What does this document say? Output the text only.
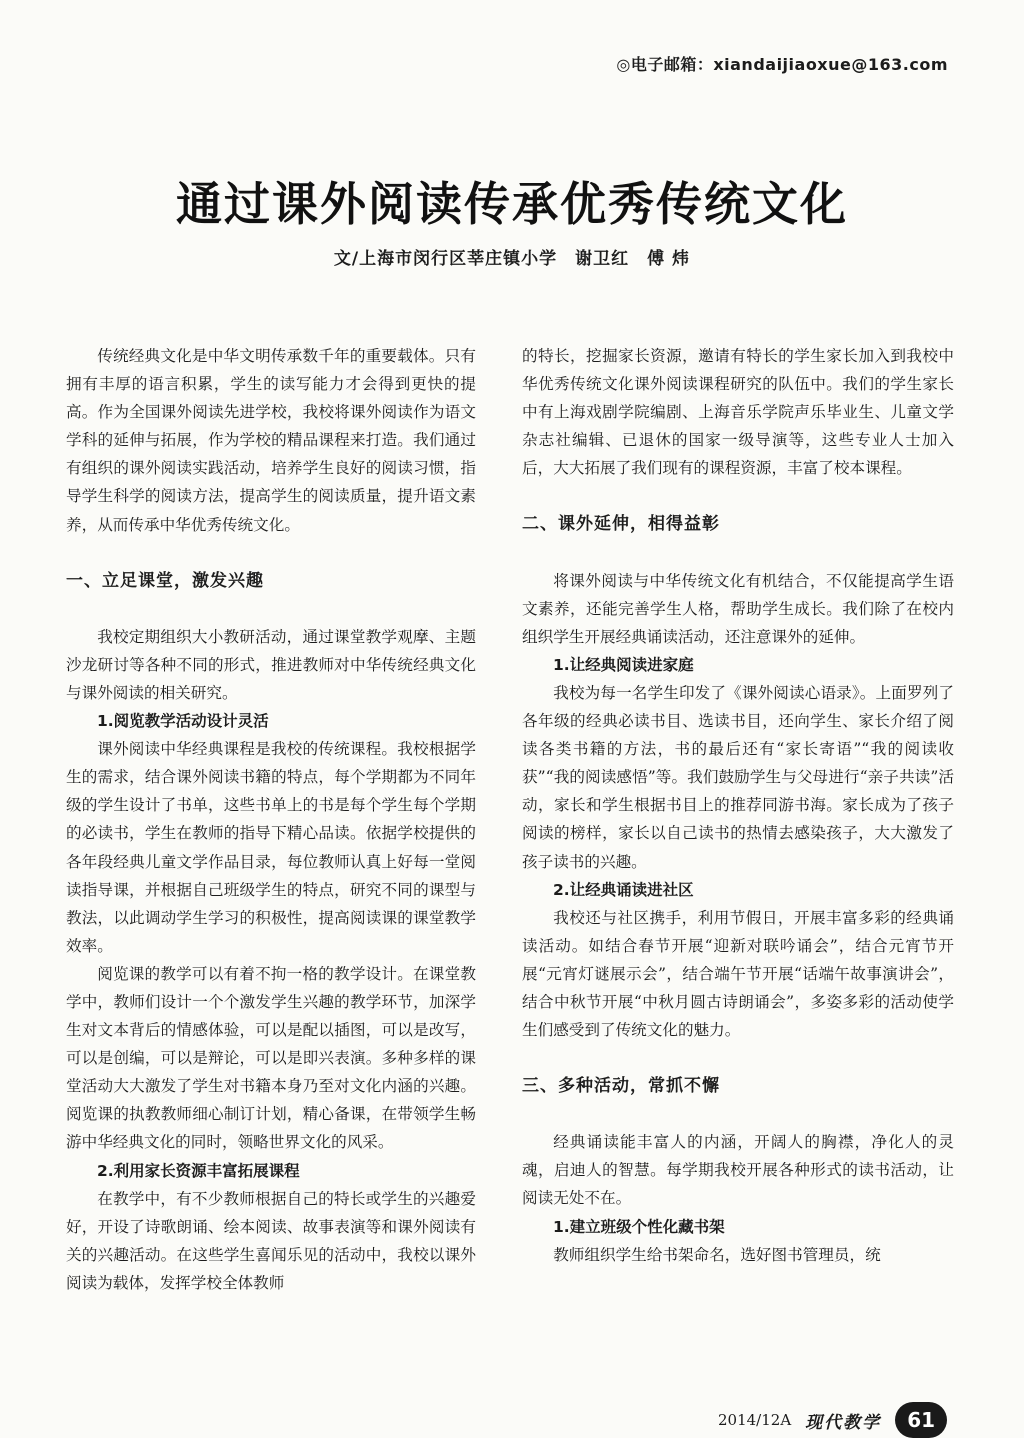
◎电子邮箱：xiandaijiaoxue@163.com
通过课外阅读传承优秀传统文化
文/上海市闵行区莘庄镇小学　谢卫红　傅 炜

传统经典文化是中华文明传承数千年的重要载体。只有拥有丰厚的语言积累，学生的读写能力才会得到更快的提高。作为全国课外阅读先进学校，我校将课外阅读作为语文学科的延伸与拓展，作为学校的精品课程来打造。我们通过有组织的课外阅读实践活动，培养学生良好的阅读习惯，指导学生科学的阅读方法，提高学生的阅读质量，提升语文素养，从而传承中华优秀传统文化。

一、立足课堂，激发兴趣

我校定期组织大小教研活动，通过课堂教学观摩、主题沙龙研讨等各种不同的形式，推进教师对中华传统经典文化与课外阅读的相关研究。

1.阅览教学活动设计灵活

课外阅读中华经典课程是我校的传统课程。我校根据学生的需求，结合课外阅读书籍的特点，每个学期都为不同年级的学生设计了书单，这些书单上的书是每个学生每个学期的必读书，学生在教师的指导下精心品读。依据学校提供的各年段经典儿童文学作品目录，每位教师认真上好每一堂阅读指导课，并根据自己班级学生的特点，研究不同的课型与教法，以此调动学生学习的积极性，提高阅读课的课堂教学效率。

阅览课的教学可以有着不拘一格的教学设计。在课堂教学中，教师们设计一个个激发学生兴趣的教学环节，加深学生对文本背后的情感体验，可以是配以插图，可以是改写，可以是创编，可以是辩论，可以是即兴表演。多种多样的课堂活动大大激发了学生对书籍本身乃至对文化内涵的兴趣。阅览课的执教教师细心制订计划，精心备课，在带领学生畅游中华经典文化的同时，领略世界文化的风采。

2.利用家长资源丰富拓展课程

在教学中，有不少教师根据自己的特长或学生的兴趣爱好，开设了诗歌朗诵、绘本阅读、故事表演等和课外阅读有关的兴趣活动。在这些学生喜闻乐见的活动中，我校以课外阅读为载体，发挥学校全体教师

的特长，挖掘家长资源，邀请有特长的学生家长加入到我校中华优秀传统文化课外阅读课程研究的队伍中。我们的学生家长中有上海戏剧学院编剧、上海音乐学院声乐毕业生、儿童文学杂志社编辑、已退休的国家一级导演等，这些专业人士加入后，大大拓展了我们现有的课程资源，丰富了校本课程。

二、课外延伸，相得益彰

将课外阅读与中华传统文化有机结合，不仅能提高学生语文素养，还能完善学生人格，帮助学生成长。我们除了在校内组织学生开展经典诵读活动，还注意课外的延伸。

1.让经典阅读进家庭

我校为每一名学生印发了《课外阅读心语录》。上面罗列了各年级的经典必读书目、选读书目，还向学生、家长介绍了阅读各类书籍的方法，书的最后还有“家长寄语”“我的阅读收获”“我的阅读感悟”等。我们鼓励学生与父母进行“亲子共读”活动，家长和学生根据书目上的推荐同游书海。家长成为了孩子阅读的榜样，家长以自己读书的热情去感染孩子，大大激发了孩子读书的兴趣。

2.让经典诵读进社区

我校还与社区携手，利用节假日，开展丰富多彩的经典诵读活动。如结合春节开展“迎新对联吟诵会”，结合元宵节开展“元宵灯谜展示会”，结合端午节开展“话端午故事演讲会”，结合中秋节开展“中秋月圆古诗朗诵会”，多姿多彩的活动使学生们感受到了传统文化的魅力。

三、多种活动，常抓不懈

经典诵读能丰富人的内涵，开阔人的胸襟，净化人的灵魂，启迪人的智慧。每学期我校开展各种形式的读书活动，让阅读无处不在。

1.建立班级个性化藏书架

教师组织学生给书架命名，选好图书管理员，统

2014/12A 现代教学	61
